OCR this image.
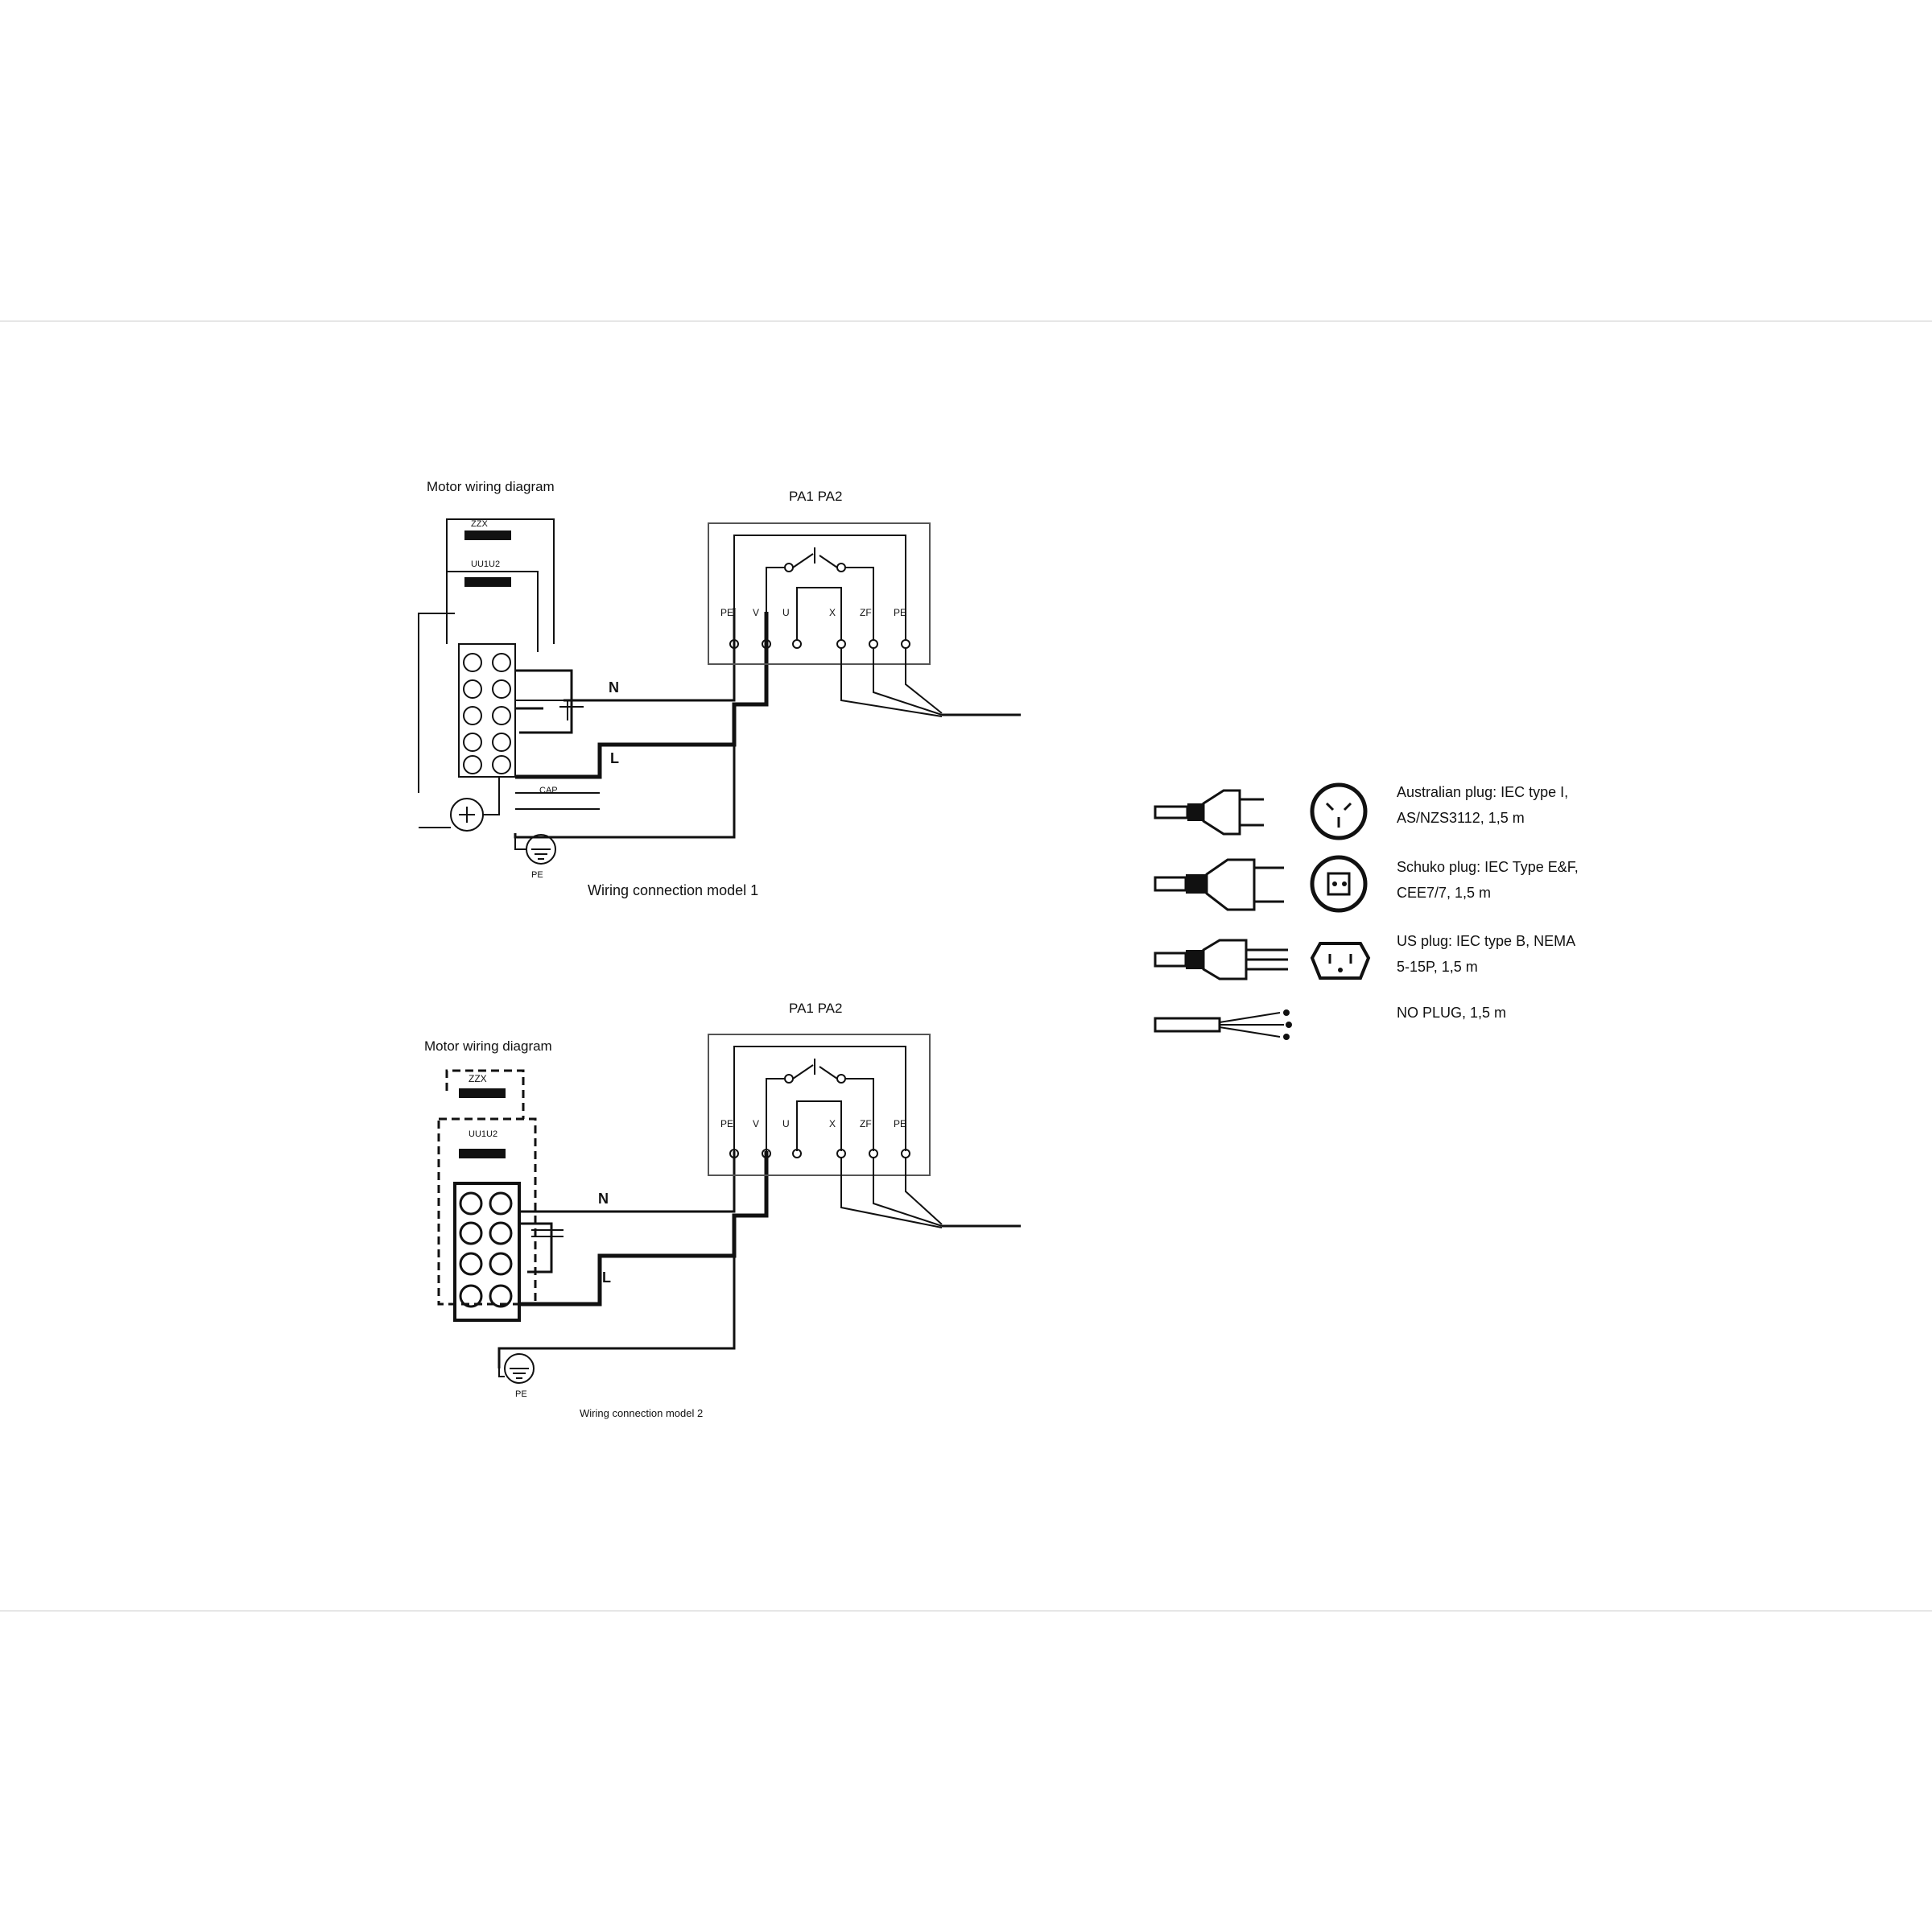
Motor wiring diagram
ZZX
UU1U2
CAP
N
L
PE
PA1 PA2
PE V U	X ZF PE
Wiring connection model 1
Motor wiring diagram
ZZX
UU1U2
N
L
PE
PA1 PA2
PE V U	X ZF PE
Wiring connection model 2
Australian plug: IEC type I,
AS/NZS3112, 1,5 m
Schuko plug: IEC Type E&F,
CEE7/7, 1,5 m
US plug: IEC type B, NEMA
5-15P, 1,5 m
NO PLUG, 1,5 m
